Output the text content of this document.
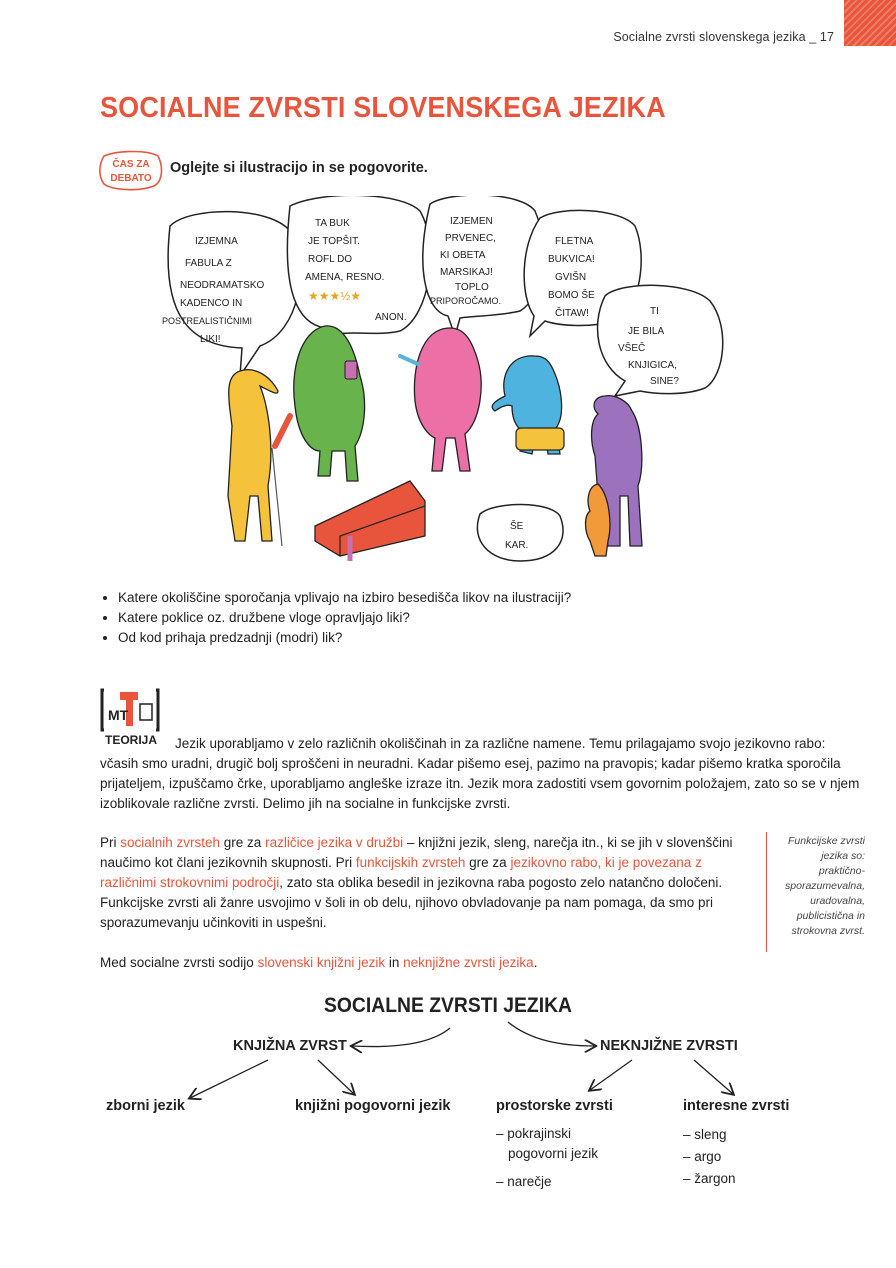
Socialne zvrsti slovenskega jezika _ 17
SOCIALNE ZVRSTI SLOVENSKEGA JEZIKA
ČAS ZA
DEBATO
Oglejte si ilustracijo in se pogovorite.
IZJEMNA
FABULA Z
NEODRAMATSKO
KADENCO IN
POSTREALISTIČNIMI
LIKI!
TA BUK
JE TOPŠIT.
ROFL DO
AMENA, RESNO.
★★★½★
ANON.
IZJEMEN
PRVENEC,
KI OBETA
MARSIKAJ!
TOPLO
PRIPOROČAMO.
FLETNA
BUKVICA!
GVIŠN
BOMO ŠE
ČITAW!	TI
JE BILA
VŠEČ
KNJIGICA,
SINE?
ŠE
KAR.
• Katere okoliščine sporočanja vplivajo na izbiro besedišča likov na ilustraciji?
• Katere poklice oz. družbene vloge opravljajo liki?
• Od kod prihaja predzadnji (modri) lik?
MT
TEORIJA	Jezik uporabljamo v zelo različnih okoliščinah in za različne namene. Temu prilagajamo svojo jezikovno rabo: včasih smo uradni, drugič bolj sproščeni in neuradni. Kadar pišemo esej, pazimo na pravopis; kadar pišemo kratka sporočila prijateljem, izpuščamo črke, uporabljamo angleške izraze itn. Jezik mora zadostiti vsem govornim položajem, zato so se v njem izoblikovale različne zvrsti. Delimo jih na socialne in funkcijske zvrsti.
Pri socialnih zvrsteh gre za različice jezika v družbi – knjižni jezik, sleng, narečja itn., ki se jih v slovenščini naučimo kot člani jezikovnih skupnosti. Pri funkcijskih zvrsteh gre za jezikovno rabo, ki je povezana z različnimi strokovnimi področji, zato sta oblika besedil in jezikovna raba pogosto zelo natančno določeni. Funkcijske zvrsti ali žanre usvojimo v šoli in ob delu, njihovo obvladovanje pa nam pomaga, da smo pri sporazumevanju učinkoviti in uspešni.
Funkcijske zvrsti
jezika so:
praktično-
sporazumevalna,
uradovalna,
publicistična in
strokovna zvrst.
Med socialne zvrsti sodijo slovenski knjižni jezik in neknjižne zvrsti jezika.
SOCIALNE ZVRSTI JEZIKA
KNJIŽNA ZVRST	NEKNJIŽNE ZVRSTI
zborni jezik	knjižni pogovorni jezik	prostorske zvrsti	interesne zvrsti
– pokrajinski
pogovorni jezik
– narečje
– sleng
– argo
– žargon
